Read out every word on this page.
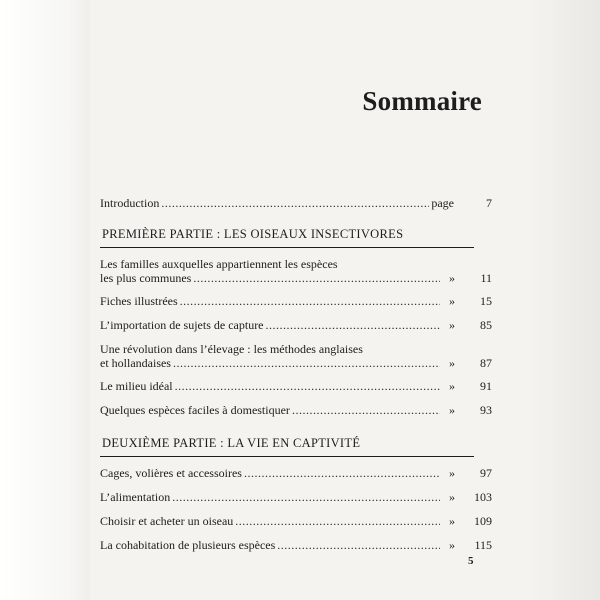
Sommaire
Introduction .....	page	7
PREMIÈRE PARTIE : LES OISEAUX INSECTIVORES
Les familles auxquelles appartiennent les espèces
les plus communes .....	»	11
Fiches illustrées .....	»	15
L’importation de sujets de capture .....	»	85
Une révolution dans l’élevage : les méthodes anglaises
et hollandaises .....	»	87
Le milieu idéal .....	»	91
Quelques espèces faciles à domestiquer .....	»	93
DEUXIÈME PARTIE : LA VIE EN CAPTIVITÉ
Cages, volières et accessoires .....	»	97
L’alimentation .....	»	103
Choisir et acheter un oiseau .....	»	109
La cohabitation de plusieurs espèces .....	»	115
5
